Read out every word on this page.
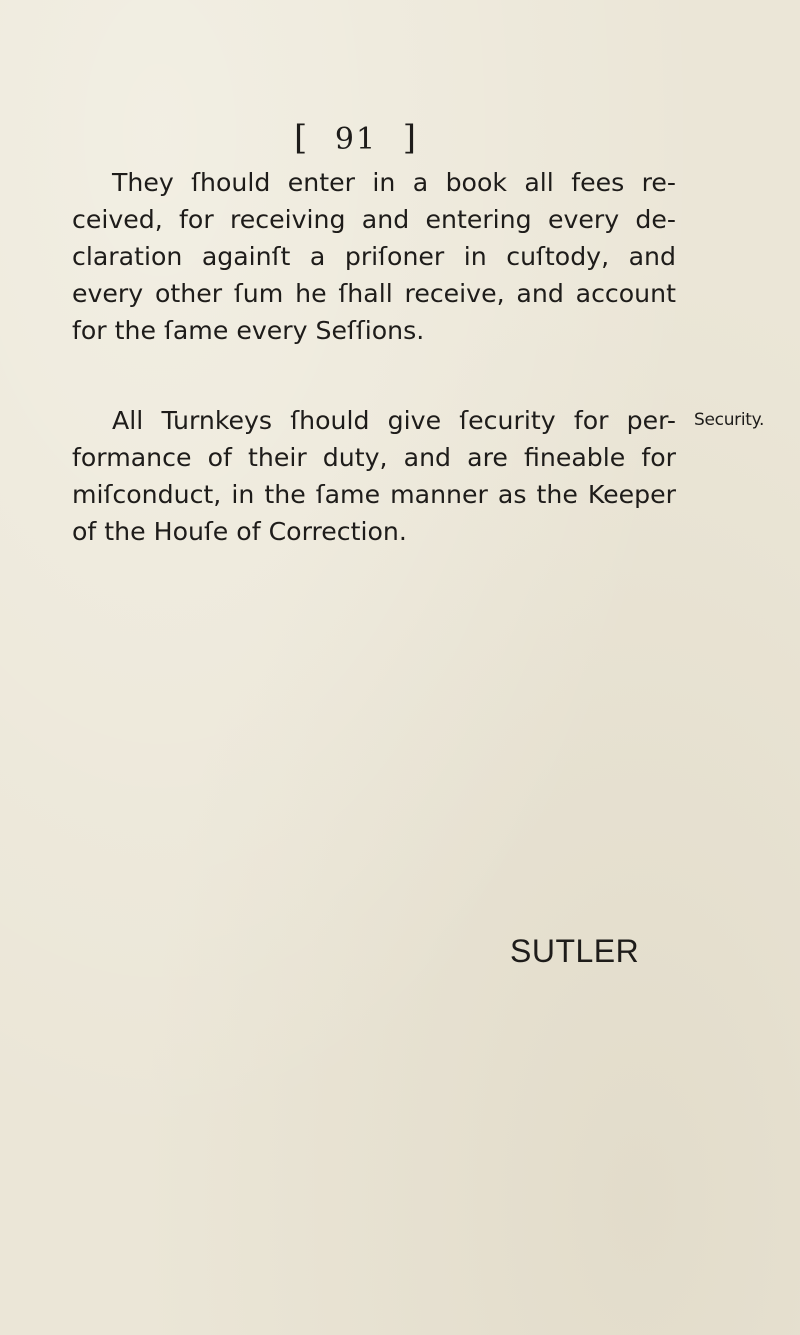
[ 91 ]
They ſhould enter in a book all fees re-
ceived, for receiving and entering every de-
claration againſt a priſoner in cuſtody, and
every other ſum he ſhall receive, and account
for the ſame every Seſſions.
All Turnkeys ſhould give ſecurity for per-
formance of their duty, and are fineable for
miſconduct, in the ſame manner as the Keeper
of the Houſe of Correction.
Security.
SUTLER
